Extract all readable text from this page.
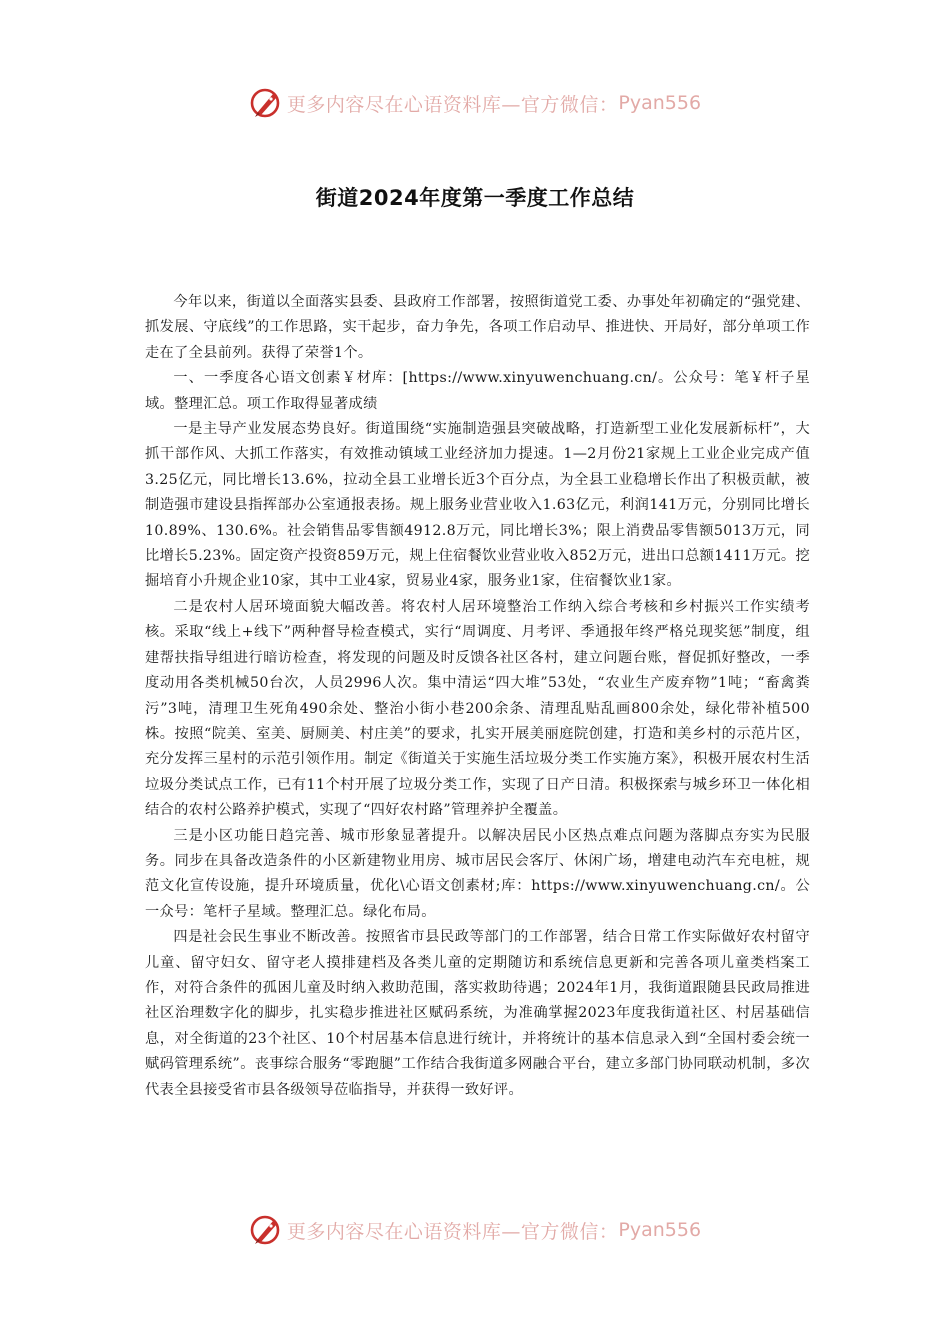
更多内容尽在心语资料库—官方微信： Pyan556
街道2024年度第一季度工作总结

今年以来，街道以全面落实县委、县政府工作部署，按照街道党工委、办事处年初确定的“强党建、抓发展、守底线”的工作思路，实干起步，奋力争先，各项工作启动早、推进快、开局好，部分单项工作走在了全县前列。获得了荣誉1个。

一、一季度各心语文创素￥材库：[https://www.xinyuwenchuang.cn/。公众号：笔￥杆子星域。整理汇总。项工作取得显著成绩

一是主导产业发展态势良好。街道围绕“实施制造强县突破战略，打造新型工业化发展新标杆”，大抓干部作风、大抓工作落实，有效推动镇域工业经济加力提速。1—2月份21家规上工业企业完成产值3.25亿元，同比增长13.6%，拉动全县工业增长近3个百分点，为全县工业稳增长作出了积极贡献，被制造强市建设县指挥部办公室通报表扬。规上服务业营业收入1.63亿元，利润141万元，分别同比增长10.89%、130.6%。社会销售品零售额4912.8万元，同比增长3%；限上消费品零售额5013万元，同比增长5.23%。固定资产投资859万元，规上住宿餐饮业营业收入852万元，进出口总额1411万元。挖掘培育小升规企业10家，其中工业4家，贸易业4家，服务业1家，住宿餐饮业1家。

二是农村人居环境面貌大幅改善。将农村人居环境整治工作纳入综合考核和乡村振兴工作实绩考核。采取“线上+线下”两种督导检查模式，实行“周调度、月考评、季通报年终严格兑现奖惩”制度，组建帮扶指导组进行暗访检查，将发现的问题及时反馈各社区各村，建立问题台账，督促抓好整改，一季度动用各类机械50台次，人员2996人次。集中清运“四大堆”53处，“农业生产废弃物”1吨；“畜禽粪污”3吨，清理卫生死角490余处、整治小街小巷200余条、清理乱贴乱画800余处，绿化带补植500株。按照“院美、室美、厨厕美、村庄美”的要求，扎实开展美丽庭院创建，打造和美乡村的示范片区，充分发挥三星村的示范引领作用。制定《街道关于实施生活垃圾分类工作实施方案》，积极开展农村生活垃圾分类试点工作，已有11个村开展了垃圾分类工作，实现了日产日清。积极探索与城乡环卫一体化相结合的农村公路养护模式，实现了“四好农村路”管理养护全覆盖。

三是小区功能日趋完善、城市形象显著提升。以解决居民小区热点难点问题为落脚点夯实为民服务。同步在具备改造条件的小区新建物业用房、城市居民会客厅、休闲广场，增建电动汽车充电桩，规范文化宣传设施，提升环境质量，优化\心语文创素材;库：https://www.xinyuwenchuang.cn/。公一众号：笔杆子星域。整理汇总。绿化布局。

四是社会民生事业不断改善。按照省市县民政等部门的工作部署，结合日常工作实际做好农村留守儿童、留守妇女、留守老人摸排建档及各类儿童的定期随访和系统信息更新和完善各项儿童类档案工作，对符合条件的孤困儿童及时纳入救助范围，落实救助待遇；2024年1月，我街道跟随县民政局推进社区治理数字化的脚步，扎实稳步推进社区赋码系统，为准确掌握2023年度我街道社区、村居基础信息，对全街道的23个社区、10个村居基本信息进行统计，并将统计的基本信息录入到“全国村委会统一赋码管理系统”。丧事综合服务“零跑腿”工作结合我街道多网融合平台，建立多部门协同联动机制，多次代表全县接受省市县各级领导莅临指导，并获得一致好评。

更多内容尽在心语资料库—官方微信： Pyan556
